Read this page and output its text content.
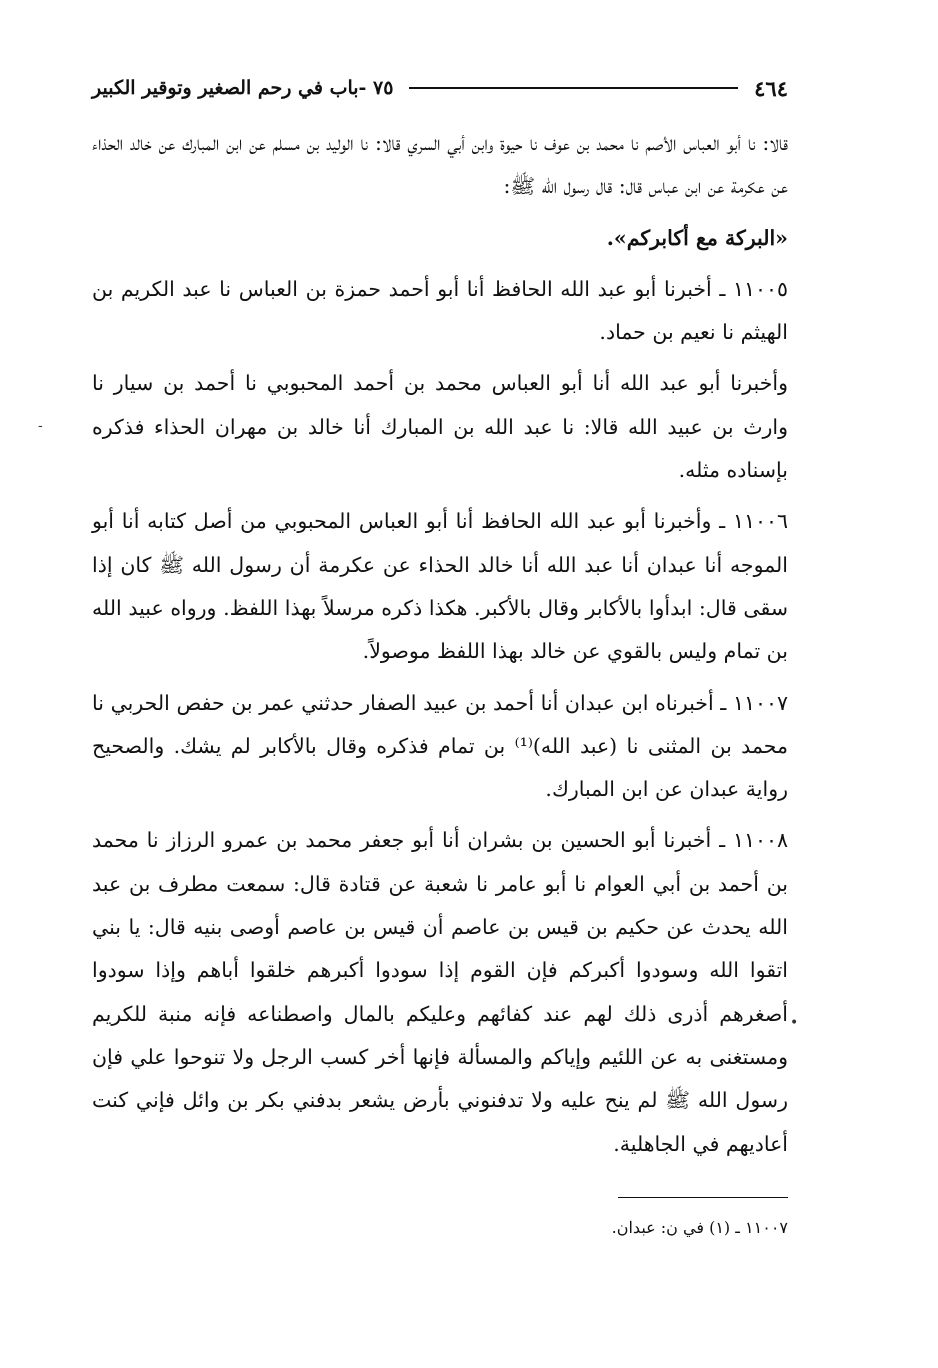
٤٦٤
٧٥ -باب في رحم الصغير وتوقير الكبير

قالا: نا أبو العباس الأصم نا محمد بن عوف نا حيوة وابن أبي السري قالا: نا الوليد بن مسلم عن ابن المبارك عن خالد الحذاء عن عكرمة عن ابن عباس قال: قال رسول الله ﷺ:

«البركة مع أكابركم».

١١٠٠٥ ـ أخبرنا أبو عبد الله الحافظ أنا أبو أحمد حمزة بن العباس نا عبد الكريم بن الهيثم نا نعيم بن حماد.

وأخبرنا أبو عبد الله أنا أبو العباس محمد بن أحمد المحبوبي نا أحمد بن سيار نا وارث بن عبيد الله قالا: نا عبد الله بن المبارك أنا خالد بن مهران الحذاء فذكره بإسناده مثله.

١١٠٠٦ ـ وأخبرنا أبو عبد الله الحافظ أنا أبو العباس المحبوبي من أصل كتابه أنا أبو الموجه أنا عبدان أنا عبد الله أنا خالد الحذاء عن عكرمة أن رسول الله ﷺ كان إذا سقى قال: ابدأوا بالأكابر وقال بالأكبر. هكذا ذكره مرسلاً بهذا اللفظ. ورواه عبيد الله بن تمام وليس بالقوي عن خالد بهذا اللفظ موصولاً.

١١٠٠٧ ـ أخبرناه ابن عبدان أنا أحمد بن عبيد الصفار حدثني عمر بن حفص الحربي نا محمد بن المثنى نا (عبد الله)⁽¹⁾ بن تمام فذكره وقال بالأكابر لم يشك. والصحيح رواية عبدان عن ابن المبارك.

١١٠٠٨ ـ أخبرنا أبو الحسين بن بشران أنا أبو جعفر محمد بن عمرو الرزاز نا محمد بن أحمد بن أبي العوام نا أبو عامر نا شعبة عن قتادة قال: سمعت مطرف بن عبد الله يحدث عن حكيم بن قيس بن عاصم أن قيس بن عاصم أوصى بنيه قال: يا بني اتقوا الله وسودوا أكبركم فإن القوم إذا سودوا أكبرهم خلقوا أباهم وإذا سودوا أصغرهم أذرى ذلك لهم عند كفائهم وعليكم بالمال واصطناعه فإنه منبة للكريم ومستغنى به عن اللئيم وإياكم والمسألة فإنها أخر كسب الرجل ولا تنوحوا علي فإن رسول الله ﷺ لم ينح عليه ولا تدفنوني بأرض يشعر بدفني بكر بن وائل فإني كنت أعاديهم في الجاهلية.

-
•
١١٠٠٧ ـ (١) في ن: عبدان.
